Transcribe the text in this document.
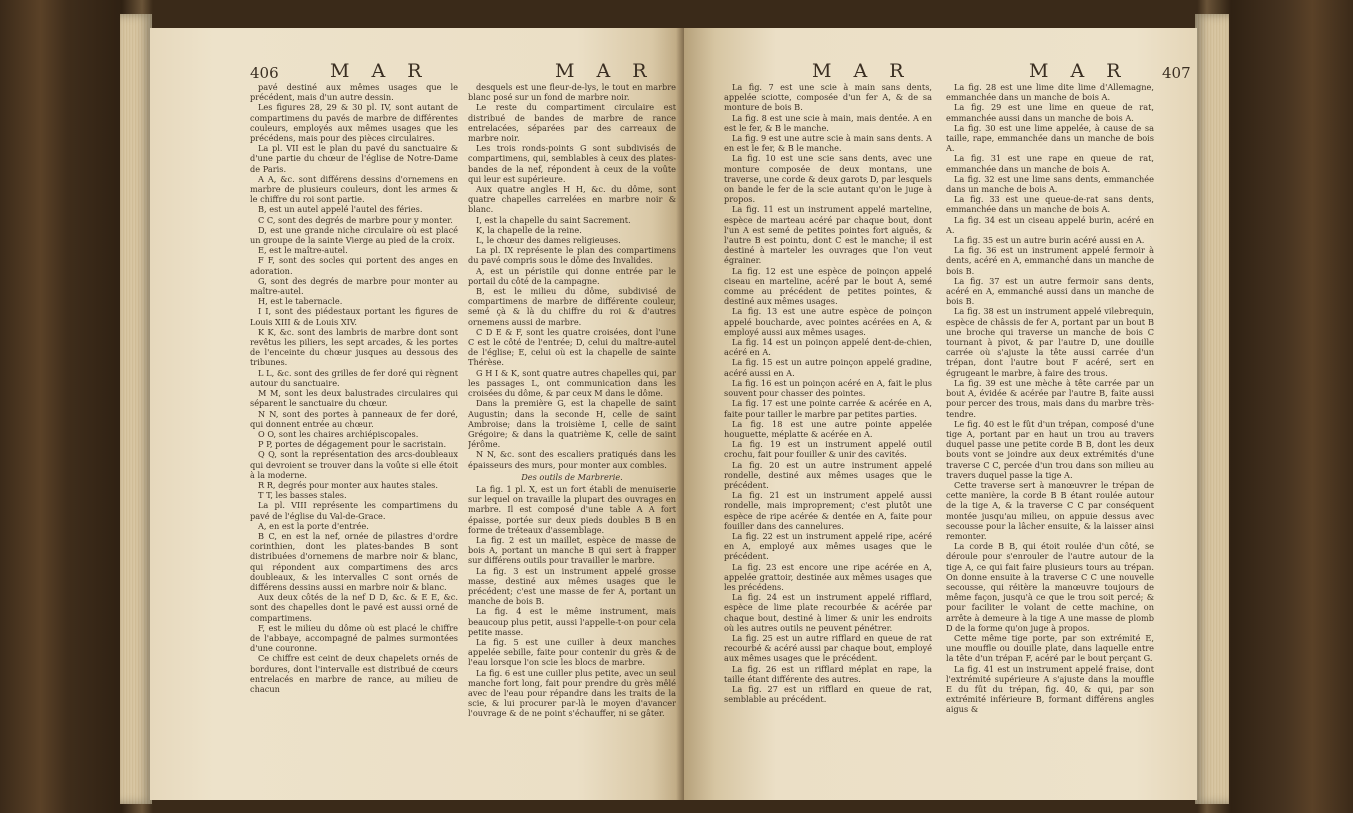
406	M A R	M A R

pavé destiné aux mêmes usages que le précédent, mais d'un autre dessin.

Les figures 28, 29 & 30 pl. IV, sont autant de compartimens du pavés de marbre de différentes couleurs, employés aux mêmes usages que les précédens, mais pour des pièces circulaires.

La pl. VII est le plan du pavé du sanctuaire & d'une partie du chœur de l'église de Notre-Dame de Paris.

A A, &c. sont différens dessins d'ornemens en marbre de plusieurs couleurs, dont les armes & le chiffre du roi sont partie.

B, est un autel appelé l'autel des féries.

C C, sont des degrés de marbre pour y monter.

D, est une grande niche circulaire où est placé un groupe de la sainte Vierge au pied de la croix.

E, est le maître-autel.

F F, sont des socles qui portent des anges en adoration.

G, sont des degrés de marbre pour monter au maître-autel.

H, est le tabernacle.

I I, sont des piédestaux portant les figures de Louis XIII & de Louis XIV.

K K, &c. sont des lambris de marbre dont sont revêtus les piliers, les sept arcades, & les portes de l'enceinte du chœur jusques au dessous des tribunes.

L L, &c. sont des grilles de fer doré qui règnent autour du sanctuaire.

M M, sont les deux balustrades circulaires qui séparent le sanctuaire du chœur.

N N, sont des portes à panneaux de fer doré, qui donnent entrée au chœur.

O O, sont les chaires archiépiscopales.

P P, portes de dégagement pour le sacristain.

Q Q, sont la représentation des arcs-doubleaux qui devroient se trouver dans la voûte si elle étoit à la moderne.

R R, degrés pour monter aux hautes stales.

T T, les basses stales.

La pl. VIII représente les compartimens du pavé de l'église du Val-de-Grace.

A, en est la porte d'entrée.

B C, en est la nef, ornée de pilastres d'ordre corinthien, dont les plates-bandes B sont distribuées d'ornemens de marbre noir & blanc, qui répondent aux compartimens des arcs doubleaux, & les intervalles C sont ornés de différens dessins aussi en marbre noir & blanc.

Aux deux côtés de la nef D D, &c. & E E, &c. sont des chapelles dont le pavé est aussi orné de compartimens.

F, est le milieu du dôme où est placé le chiffre de l'abbaye, accompagné de palmes surmontées d'une couronne.

Ce chiffre est ceint de deux chapelets ornés de bordures, dont l'intervalle est distribué de cœurs entrelacés en marbre de rance, au milieu de chacun

desquels est une fleur-de-lys, le tout en marbre blanc posé sur un fond de marbre noir.

Le reste du compartiment circulaire est distribué de bandes de marbre de rance entrelacées, séparées par des carreaux de marbre noir.

Les trois ronds-points G sont subdivisés de compartimens, qui, semblables à ceux des plates-bandes de la nef, répondent à ceux de la voûte qui leur est supérieure.

Aux quatre angles H H, &c. du dôme, sont quatre chapelles carrelées en marbre noir & blanc.

I, est la chapelle du saint Sacrement.

K, la chapelle de la reine.

L, le chœur des dames religieuses.

La pl. IX représente le plan des compartimens du pavé compris sous le dôme des Invalides.

A, est un péristile qui donne entrée par le portail du côté de la campagne.

B, est le milieu du dôme, subdivisé de compartimens de marbre de différente couleur, semé çà & là du chiffre du roi & d'autres ornemens aussi de marbre.

C D E & F, sont les quatre croisées, dont l'une C est le côté de l'entrée; D, celui du maître-autel de l'église; E, celui où est la chapelle de sainte Thérèse.

G H I & K, sont quatre autres chapelles qui, par les passages L, ont communication dans les croisées du dôme, & par ceux M dans le dôme.

Dans la première G, est la chapelle de saint Augustin; dans la seconde H, celle de saint Ambroise; dans la troisième I, celle de saint Grégoire; & dans la quatrième K, celle de saint Jérôme.

N N, &c. sont des escaliers pratiqués dans les épaisseurs des murs, pour monter aux combles.

Des outils de Marbrerie.

La fig. 1 pl. X, est un fort établi de menuiserie sur lequel on travaille la plupart des ouvrages en marbre. Il est composé d'une table A A fort épaisse, portée sur deux pieds doubles B B en forme de tréteaux d'assemblage.

La fig. 2 est un maillet, espèce de masse de bois A, portant un manche B qui sert à frapper sur différens outils pour travailler le marbre.

La fig. 3 est un instrument appelé grosse masse, destiné aux mêmes usages que le précédent; c'est une masse de fer A, portant un manche de bois B.

La fig. 4 est le même instrument, mais beaucoup plus petit, aussi l'appelle-t-on pour cela petite masse.

La fig. 5 est une cuiller à deux manches appelée sebille, faite pour contenir du grès & de l'eau lorsque l'on scie les blocs de marbre.

La fig. 6 est une cuiller plus petite, avec un seul manche fort long, fait pour prendre du grès mêlé avec de l'eau pour répandre dans les traits de la scie, & lui procurer par-là le moyen d'avancer l'ouvrage & de ne point s'échauffer, ni se gâter.

M A R	M A R 407

La fig. 7 est une scie à main sans dents, appelée sciotte, composée d'un fer A, & de sa monture de bois B.

La fig. 8 est une scie à main, mais dentée. A en est le fer, & B le manche.

La fig. 9 est une autre scie à main sans dents. A en est le fer, & B le manche.

La fig. 10 est une scie sans dents, avec une monture composée de deux montans, une traverse, une corde & deux garots D, par lesquels on bande le fer de la scie autant qu'on le juge à propos.

La fig. 11 est un instrument appelé marteline, espèce de marteau acéré par chaque bout, dont l'un A est semé de petites pointes fort aiguës, & l'autre B est pointu, dont C est le manche; il est destiné à marteler les ouvrages que l'on veut égrainer.

La fig. 12 est une espèce de poinçon appelé ciseau en marteline, acéré par le bout A, semé comme au précédent de petites pointes, & destiné aux mêmes usages.

La fig. 13 est une autre espèce de poinçon appelé boucharde, avec pointes acérées en A, & employé aussi aux mêmes usages.

La fig. 14 est un poinçon appelé dent-de-chien, acéré en A.

La fig. 15 est un autre poinçon appelé gradine, acéré aussi en A.

La fig. 16 est un poinçon acéré en A, fait le plus souvent pour chasser des pointes.

La fig. 17 est une pointe carrée & acérée en A, faite pour tailler le marbre par petites parties.

La fig. 18 est une autre pointe appelée houguette, méplatte & acérée en A.

La fig. 19 est un instrument appelé outil crochu, fait pour fouiller & unir des cavités.

La fig. 20 est un autre instrument appelé rondelle, destiné aux mêmes usages que le précédent.

La fig. 21 est un instrument appelé aussi rondelle, mais improprement; c'est plutôt une espèce de ripe acérée & dentée en A, faite pour fouiller dans des cannelures.

La fig. 22 est un instrument appelé ripe, acéré en A, employé aux mêmes usages que le précédent.

La fig. 23 est encore une ripe acérée en A, appelée grattoir, destinée aux mêmes usages que les précédens.

La fig. 24 est un instrument appelé rifflard, espèce de lime plate recourbée & acérée par chaque bout, destiné à limer & unir les endroits où les autres outils ne peuvent pénétrer.

La fig. 25 est un autre rifflard en queue de rat recourbé & acéré aussi par chaque bout, employé aux mêmes usages que le précédent.

La fig. 26 est un rifflard méplat en rape, la taille étant différente des autres.

La fig. 27 est un rifflard en queue de rat, semblable au précédent.

La fig. 28 est une lime dite lime d'Allemagne, emmanchée dans un manche de bois A.

La fig. 29 est une lime en queue de rat, emmanchée aussi dans un manche de bois A.

La fig. 30 est une lime appelée, à cause de sa taille, rape, emmanchée dans un manche de bois A.

La fig. 31 est une rape en queue de rat, emmanchée dans un manche de bois A.

La fig. 32 est une lime sans dents, emmanchée dans un manche de bois A.

La fig. 33 est une queue-de-rat sans dents, emmanchée dans un manche de bois A.

La fig. 34 est un ciseau appelé burin, acéré en A.

La fig. 35 est un autre burin acéré aussi en A.

La fig. 36 est un instrument appelé fermoir à dents, acéré en A, emmanché dans un manche de bois B.

La fig. 37 est un autre fermoir sans dents, acéré en A, emmanché aussi dans un manche de bois B.

La fig. 38 est un instrument appelé vilebrequin, espèce de châssis de fer A, portant par un bout B une broche qui traverse un manche de bois C tournant à pivot, & par l'autre D, une douille carrée où s'ajuste la tête aussi carrée d'un trépan, dont l'autre bout F acéré, sert en égrugeant le marbre, à faire des trous.

La fig. 39 est une mèche à tête carrée par un bout A, évidée & acérée par l'autre B, faite aussi pour percer des trous, mais dans du marbre très-tendre.

Le fig. 40 est le fût d'un trépan, composé d'une tige A, portant par en haut un trou au travers duquel passe une petite corde B B, dont les deux bouts vont se joindre aux deux extrémités d'une traverse C C, percée d'un trou dans son milieu au travers duquel passe la tige A.

Cette traverse sert à manœuvrer le trépan de cette manière, la corde B B étant roulée autour de la tige A, & la traverse C C par conséquent montée jusqu'au milieu, on appuie dessus avec secousse pour la lâcher ensuite, & la laisser ainsi remonter.

La corde B B, qui étoit roulée d'un côté, se déroule pour s'enrouler de l'autre autour de la tige A, ce qui fait faire plusieurs tours au trépan. On donne ensuite à la traverse C C une nouvelle secousse, qui réitère la manœuvre toujours de même façon, jusqu'à ce que le trou soit percé; & pour faciliter le volant de cette machine, on arrête à demeure à la tige A une masse de plomb D de la forme qu'on juge à propos.

Cette même tige porte, par son extrémité E, une mouffle ou douille plate, dans laquelle entre la tête d'un trépan F, acéré par le bout perçant G.

La fig. 41 est un instrument appelé fraise, dont l'extrémité supérieure A s'ajuste dans la mouffle E du fût du trépan, fig. 40, & qui, par son extrémité inférieure B, formant différens angles aigus &
